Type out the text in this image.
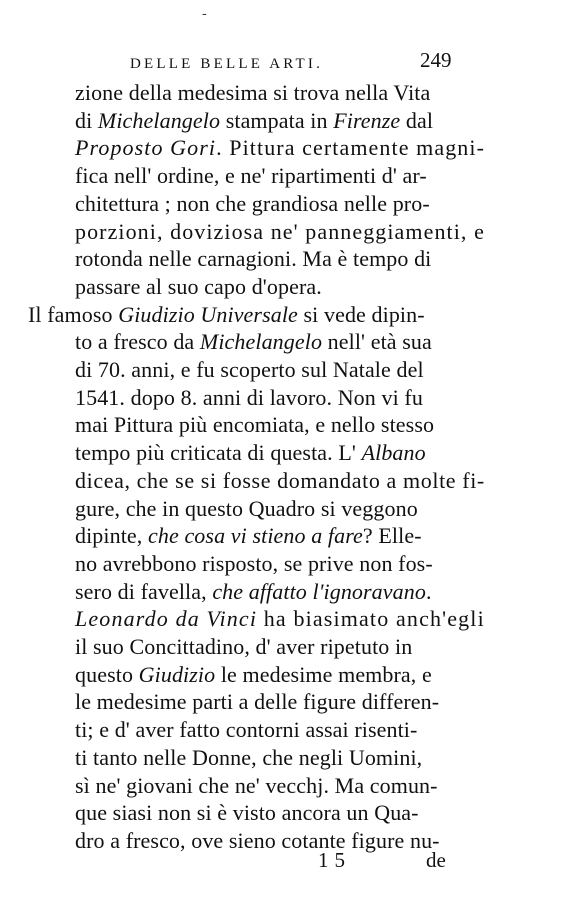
-
DELLE BELLE ARTI.	249
zione della medesima si trova nella Vita
di Michelangelo stampata in Firenze dal
Proposto Gori. Pittura certamente magni-
fica nell' ordine, e ne' ripartimenti d' ar-
chitettura ; non che grandiosa nelle pro-
porzioni, doviziosa ne' panneggiamenti, e
rotonda nelle carnagioni. Ma è tempo di
passare al suo capo d'opera.
Il famoso Giudizio Universale si vede dipin-
to a fresco da Michelangelo nell' età sua
di 70. anni, e fu scoperto sul Natale del
1541. dopo 8. anni di lavoro. Non vi fu
mai Pittura più encomiata, e nello stesso
tempo più criticata di questa. L' Albano
dicea, che se si fosse domandato a molte fi-
gure, che in questo Quadro si veggono
dipinte, che cosa vi stieno a fare? Elle-
no avrebbono risposto, se prive non fos-
sero di favella, che affatto l'ignoravano.
Leonardo da Vinci ha biasimato anch'egli
il suo Concittadino, d' aver ripetuto in
questo Giudizio le medesime membra, e
le medesime parti a delle figure differen-
ti; e d' aver fatto contorni assai risenti-
ti tanto nelle Donne, che negli Uomini,
sì ne' giovani che ne' vecchj. Ma comun-
que siasi non si è visto ancora un Qua-
dro a fresco, ove sieno cotante figure nu-
15	de
